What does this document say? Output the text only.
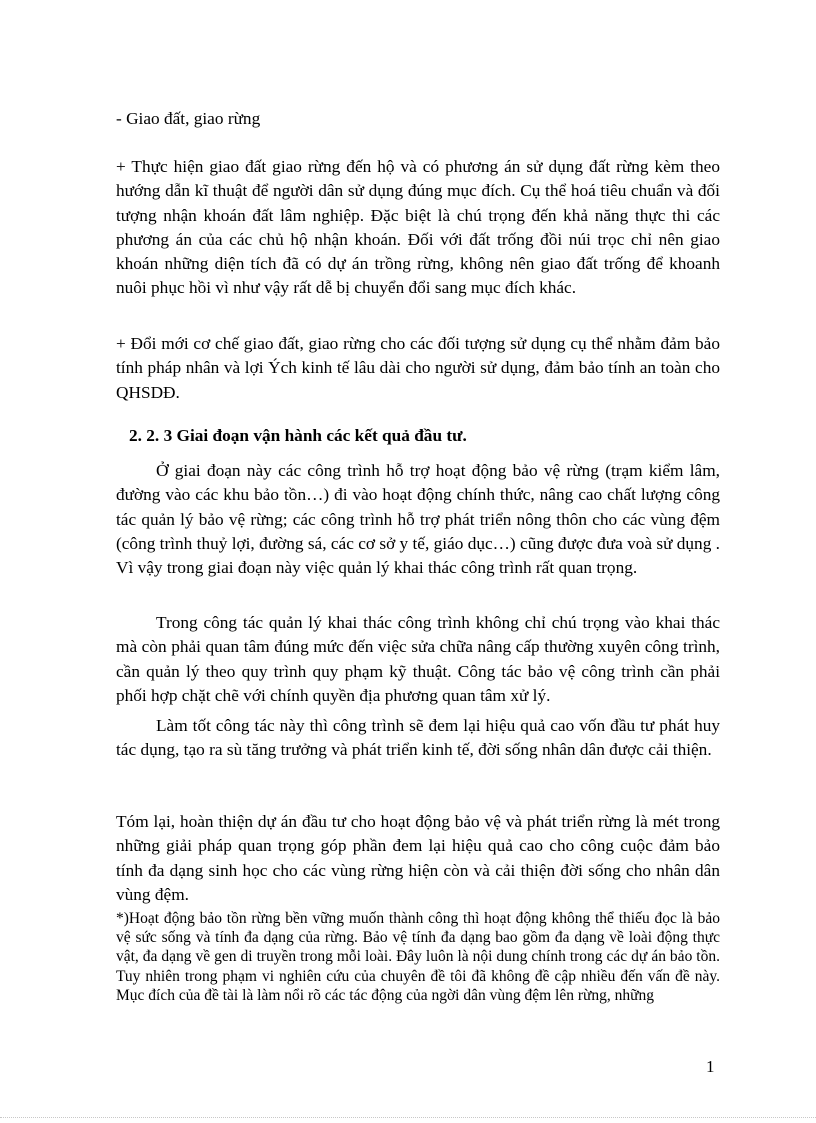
- Giao đất, giao rừng

+ Thực hiện giao đất giao rừng đến hộ và có phương án sử dụng đất rừng kèm theo hướng dẫn kĩ thuật để người dân sử dụng đúng mục đích. Cụ thể hoá tiêu chuẩn và đối tượng nhận khoán đất lâm nghiệp. Đặc biệt là chú trọng đến khả năng thực thi các phương án của các chủ hộ nhận khoán. Đối với đất trống đồi núi trọc chỉ nên giao khoán những diện tích đã có dự án trồng rừng, không nên giao đất trống để khoanh nuôi phục hồi vì như vậy rất dễ bị chuyển đổi sang mục đích khác.

+ Đổi mới cơ chế giao đất, giao rừng cho các đối tượng sử dụng cụ thể nhằm đảm bảo tính pháp nhân và lợi Ých kinh tế lâu dài cho người sử dụng, đảm bảo tính an toàn cho QHSDĐ.

2. 2. 3 Giai đoạn vận hành các kết quả đầu tư.

Ở giai đoạn này các công trình hỗ trợ hoạt động bảo vệ rừng (trạm kiểm lâm, đường vào các khu bảo tồn…) đi vào hoạt động chính thức, nâng cao chất lượng công tác quản lý bảo vệ rừng; các công trình hỗ trợ phát triển nông thôn cho các vùng đệm (công trình thuỷ lợi, đường sá, các cơ sở y tế, giáo dục…) cũng được đưa voà sử dụng . Vì vậy trong giai đoạn này việc quản lý khai thác công trình rất quan trọng.

Trong công tác quản lý khai thác công trình không chỉ chú trọng vào khai thác mà còn phải quan tâm đúng mức đến việc sửa chữa nâng cấp thường xuyên công trình, cần quản lý theo quy trình quy phạm kỹ thuật. Công tác bảo vệ công trình cần phải phối hợp chặt chẽ với chính quyền địa phương quan tâm xử lý.

Làm tốt công tác này thì công trình sẽ đem lại hiệu quả cao vốn đầu tư phát huy tác dụng, tạo ra sù tăng trưởng và phát triển kinh tế, đời sống nhân dân được cải thiện.

Tóm lại, hoàn thiện dự án đầu tư cho hoạt động bảo vệ và phát triển rừng là mét trong những giải pháp quan trọng góp phần đem lại hiệu quả cao cho công cuộc đảm bảo tính đa dạng sinh học cho các vùng rừng hiện còn và cải thiện đời sống cho nhân dân vùng đệm.

*)Hoạt động bảo tồn rừng bền vững muốn thành công thì hoạt động không thể thiếu đọc là bảo vệ sức sống và tính đa dạng của rừng. Bảo vệ tính đa dạng bao gồm đa dạng về loài động thực vật, đa dạng về gen di truyền trong mỗi loài. Đây luôn là nội dung chính trong các dự án bảo tồn. Tuy nhiên trong phạm vi nghiên cứu của chuyên đề tôi đã không đề cập nhiều đến vấn đề này. Mục đích của đề tài là làm nổi rõ các tác động của ngời dân vùng đệm lên rừng, những

1
